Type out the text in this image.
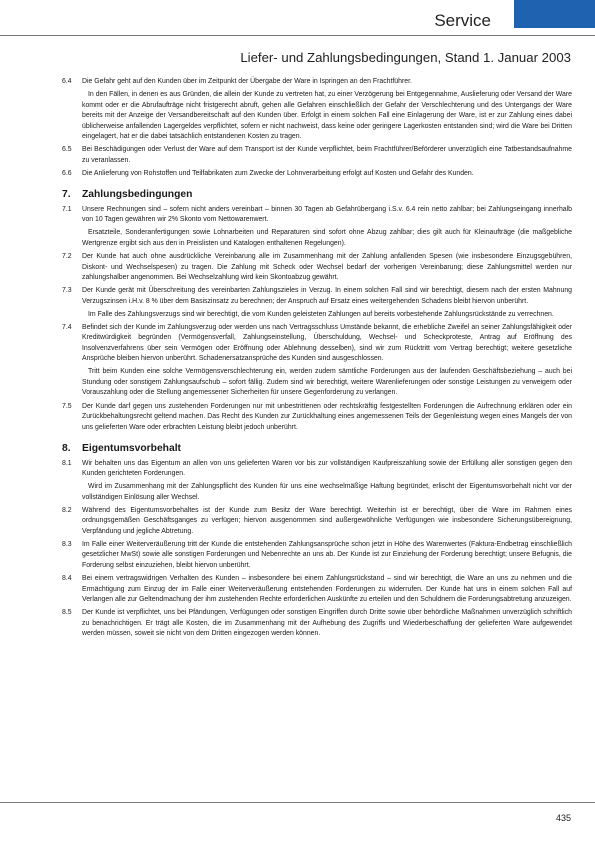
Service
Liefer- und Zahlungsbedingungen, Stand 1. Januar 2003
6.4	Die Gefahr geht auf den Kunden über im Zeitpunkt der Übergabe der Ware in Ispringen an den Frachtführer.

In den Fällen, in denen es aus Gründen, die allein der Kunde zu vertreten hat, zu einer Verzögerung bei Entgegennahme, Auslieferung oder Versand der Ware kommt oder er die Abrufaufträge nicht fristgerecht abruft, gehen alle Gefahren einschließlich der Gefahr der Verschlechterung und des Untergangs der Ware bereits mit der Anzeige der Versandbereitschaft auf den Kunden über. Erfolgt in einem solchen Fall eine Einlagerung der Ware, ist er zur Zahlung eines dabei üblicherweise anfallenden Lagergeldes verpflichtet, sofern er nicht nachweist, dass keine oder geringere Lagerkosten entstanden sind; wird die Ware bei Dritten eingelagert, hat er die dabei tatsächlich entstandenen Kosten zu tragen.

6.5	Bei Beschädigungen oder Verlust der Ware auf dem Transport ist der Kunde verpflichtet, beim Frachtführer/Beförderer unverzüglich eine Tatbestandsaufnahme zu veranlassen.

6.6	Die Anlieferung von Rohstoffen und Teilfabrikaten zum Zwecke der Lohnverarbeitung erfolgt auf Kosten und Gefahr des Kunden.

7.	Zahlungsbedingungen
7.1	Unsere Rechnungen sind – sofern nicht anders vereinbart – binnen 30 Tagen ab Gefahrübergang i.S.v. 6.4 rein netto zahlbar; bei Zahlungseingang innerhalb von 10 Tagen gewähren wir 2% Skonto vom Nettowarenwert.

Ersatzteile, Sonderanfertigungen sowie Lohnarbeiten und Reparaturen sind sofort ohne Abzug zahlbar; dies gilt auch für Kleinaufträge (die maßgebliche Wertgrenze ergibt sich aus den in Preislisten und Katalogen enthaltenen Regelungen).

7.2	Der Kunde hat auch ohne ausdrückliche Vereinbarung alle im Zusammenhang mit der Zahlung anfallenden Spesen (wie insbesondere Einzugsgebühren, Diskont- und Wechselspesen) zu tragen. Die Zahlung mit Scheck oder Wechsel bedarf der vorherigen Vereinbarung; diese Zahlungsmittel werden nur zahlungshalber angenommen. Bei Wechselzahlung wird kein Skontoabzug gewährt.

7.3	Der Kunde gerät mit Überschreitung des vereinbarten Zahlungszieles in Verzug. In einem solchen Fall sind wir berechtigt, diesem nach der ersten Mahnung Verzugszinsen i.H.v. 8 % über dem Basiszinsatz zu berechnen; der Anspruch auf Ersatz eines weitergehenden Schadens bleibt hiervon unberührt.

Im Falle des Zahlungsverzugs sind wir berechtigt, die vom Kunden geleisteten Zahlungen auf bereits vorbestehende Zahlungsrückstände zu verrechnen.

7.4	Befindet sich der Kunde im Zahlungsverzug oder werden uns nach Vertragsschluss Umstände bekannt, die erhebliche Zweifel an seiner Zahlungsfähigkeit oder Kreditwürdigkeit begründen (Vermögensverfall, Zahlungseinstellung, Überschuldung, Wechsel- und Scheckproteste, Antrag auf Eröffnung des Insolvenzverfahrens über sein Vermögen oder Eröffnung oder Ablehnung desselben), sind wir zum Rücktritt vom Vertrag berechtigt; weitere gesetzliche Ansprüche bleiben hiervon unberührt. Schadenersatzansprüche des Kunden sind ausgeschlossen.

Tritt beim Kunden eine solche Vermögensverschlechterung ein, werden zudem sämtliche Forderungen aus der laufenden Geschäftsbeziehung – auch bei Stundung oder sonstigem Zahlungsaufschub – sofort fällig. Zudem sind wir berechtigt, weitere Warenlieferungen oder sonstige Leistungen zu verweigern oder Vorauszahlung oder die Stellung angemessener Sicherheiten für unsere Gegenforderung zu verlangen.

7.5	Der Kunde darf gegen uns zustehenden Forderungen nur mit unbestrittenen oder rechtskräftig festgestellten Forderungen die Aufrechnung erklären oder ein Zurückbehaltungsrecht geltend machen. Das Recht des Kunden zur Zurückhaltung eines angemessenen Teils der Gegenleistung wegen eines Mangels der von uns gelieferten Ware oder erbrachten Leistung bleibt jedoch unberührt.

8.	Eigentumsvorbehalt
8.1	Wir behalten uns das Eigentum an allen von uns gelieferten Waren vor bis zur vollständigen Kaufpreiszahlung sowie der Erfüllung aller sonstigen gegen den Kunden gerichteten Forderungen.

Wird im Zusammenhang mit der Zahlungspflicht des Kunden für uns eine wechselmäßige Haftung begründet, erlischt der Eigentumsvorbehalt nicht vor der vollständigen Einlösung aller Wechsel.

8.2	Während des Eigentumsvorbehaltes ist der Kunde zum Besitz der Ware berechtigt. Weiterhin ist er berechtigt, über die Ware im Rahmen eines ordnungsgemäßen Geschäftsganges zu verfügen; hiervon ausgenommen sind außergewöhnliche Verfügungen wie insbesondere Sicherungsübereignung, Verpfändung und jegliche Abtretung.

8.3	Im Falle einer Weiterveräußerung tritt der Kunde die entstehenden Zahlungsansprüche schon jetzt in Höhe des Warenwertes (Faktura-Endbetrag einschließlich gesetzlicher MwSt) sowie alle sonstigen Forderungen und Nebenrechte an uns ab. Der Kunde ist zur Einziehung der Forderung berechtigt; unsere Befugnis, die Forderung selbst einzuziehen, bleibt hiervon unberührt.

8.4	Bei einem vertragswidrigen Verhalten des Kunden – insbesondere bei einem Zahlungsrückstand – sind wir berechtigt, die Ware an uns zu nehmen und die Ermächtigung zum Einzug der im Falle einer Weiterveräußerung entstehenden Forderungen zu widerrufen. Der Kunde hat uns in einem solchen Fall auf Verlangen alle zur Geltendmachung der ihm zustehenden Rechte erforderlichen Auskünfte zu erteilen und den Schuldnern die Forderungsabtretung anzuzeigen.

8.5	Der Kunde ist verpflichtet, uns bei Pfändungen, Verfügungen oder sonstigen Eingriffen durch Dritte sowie über behördliche Maßnahmen unverzüglich schriftlich zu benachrichtigen. Er trägt alle Kosten, die im Zusammenhang mit der Aufhebung des Zugriffs und Wiederbeschaffung der gelieferten Ware aufgewendet werden müssen, soweit sie nicht von dem Dritten eingezogen werden können.

435
